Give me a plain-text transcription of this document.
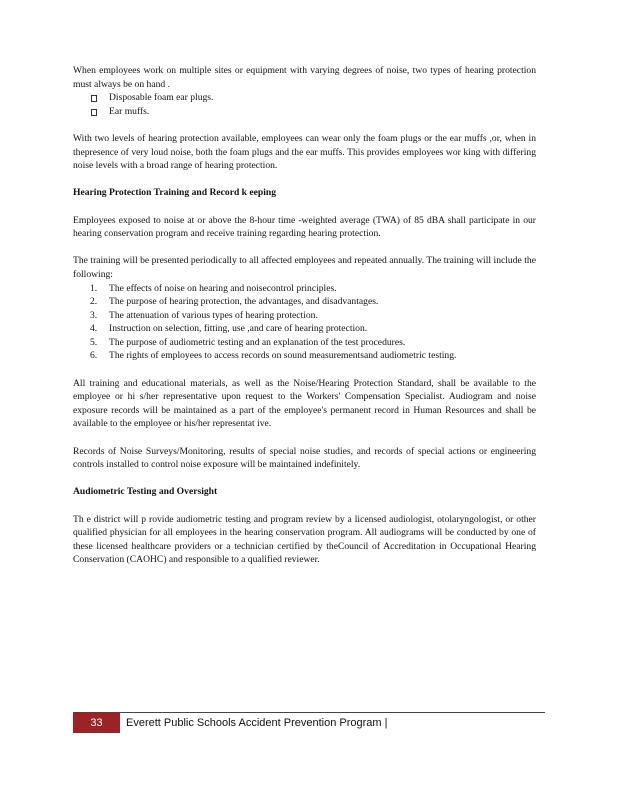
When employees work on multiple sites or equipment with varying degrees of noise, two types of hearing protection must always be on hand .

Disposable foam ear plugs.
Ear muffs.

With two levels of hearing protection available, employees can wear only the foam plugs or the ear muffs ,or, when in thepresence of very loud noise, both the foam plugs and the ear muffs. This provides employees wor king with differing noise levels with a broad range of hearing protection.

Hearing Protection Training and Record k eeping

Employees exposed to noise at or above the 8-hour time -weighted average (TWA) of 85 dBA shall participate in our hearing conservation program and receive training regarding hearing protection.

The training will be presented periodically to all affected employees and repeated annually. The training will include the following:

1. The effects of noise on hearing and noisecontrol principles.
2. The purpose of hearing protection, the advantages, and disadvantages.
3. The attenuation of various types of hearing protection.
4. Instruction on selection, fitting, use ,and care of hearing protection.
5. The purpose of audiometric testing and an explanation of the test procedures.
6. The rights of employees to access records on sound measurementsand audiometric testing.

All training and educational materials, as well as the Noise/Hearing Protection Standard, shall be available to the employee or hi s/her representative upon request to the Workers' Compensation Specialist. Audiogram and noise exposure records will be maintained as a part of the employee's permanent record in Human Resources and shall be available to the employee or his/her representat ive.

Records of Noise Surveys/Monitoring, results of special noise studies, and records of special actions or engineering controls installed to control noise exposure will be maintained indefinitely.

Audiometric Testing and Oversight

Th e district will p rovide audiometric testing and program review by a licensed audiologist, otolaryngologist, or other qualified physician for all employees in the hearing conservation program. All audiograms will be conducted by one of these licensed healthcare providers or a technician certified by theCouncil of Accreditation in Occupational Hearing Conservation (CAOHC) and responsible to a qualified reviewer.

33	Everett Public Schools Accident Prevention Program |
